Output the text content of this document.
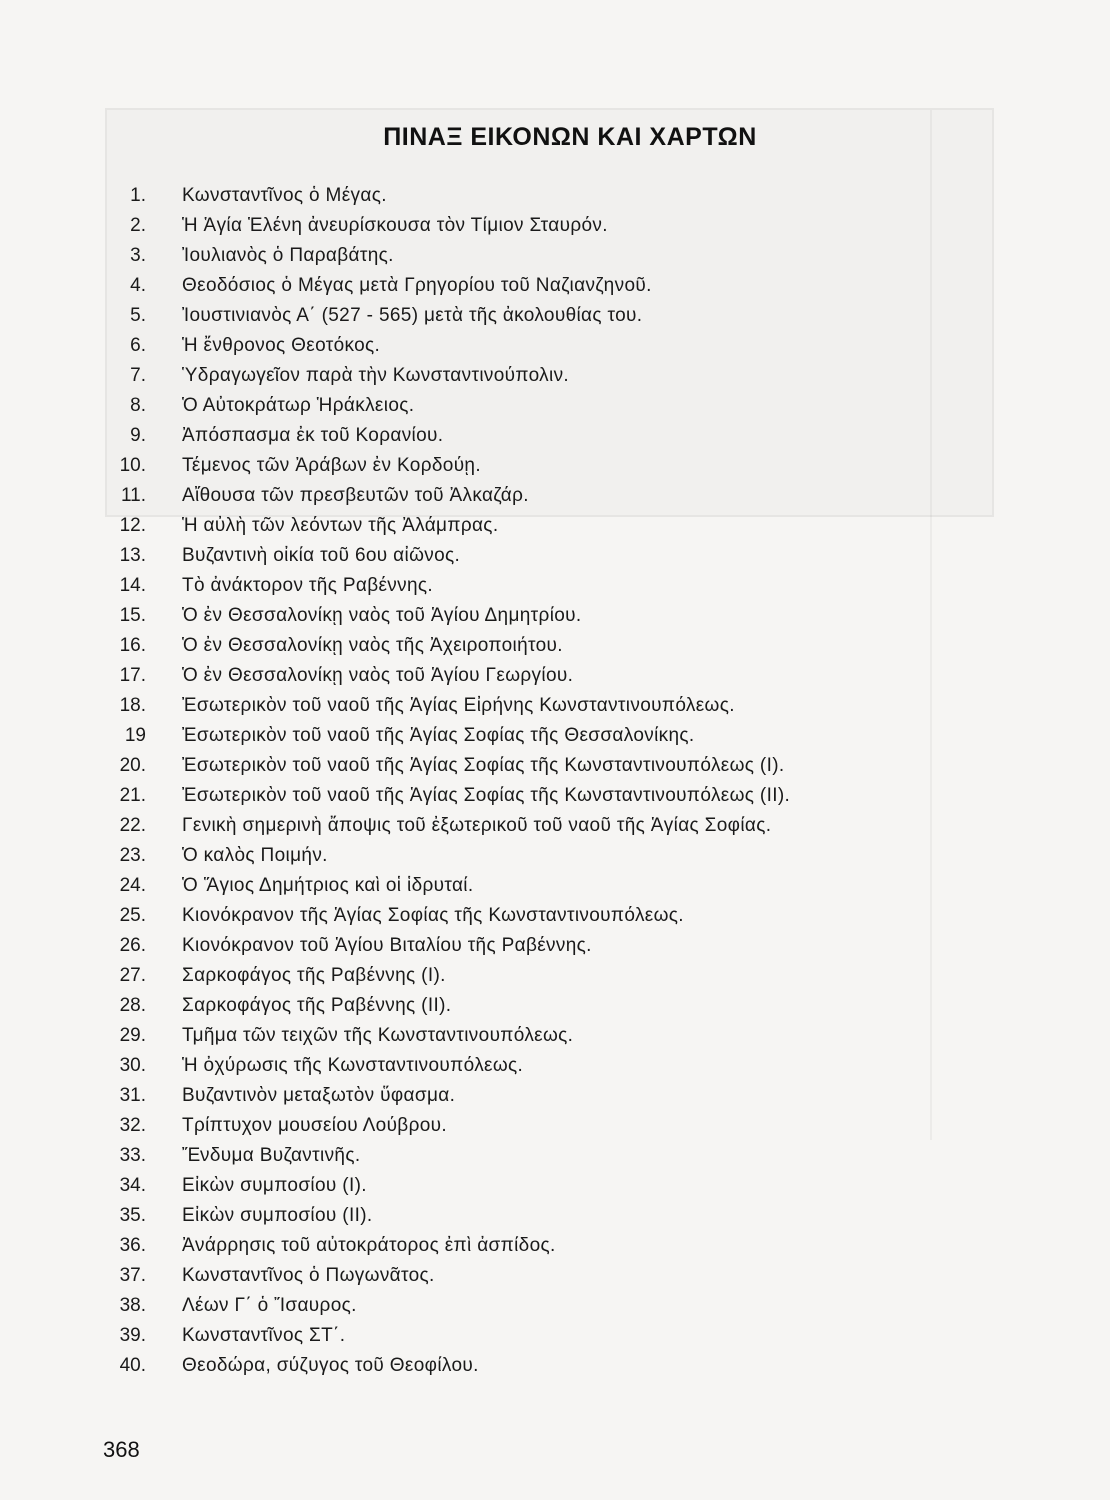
ΠΙΝΑΞ ΕΙΚΟΝΩΝ ΚΑΙ ΧΑΡΤΩΝ
1. Κωνσταντῖνος ὁ Μέγας.
2. Ἡ Ἁγία Ἑλένη ἀνευρίσκουσα τὸν Τίμιον Σταυρόν.
3. Ἰουλιανὸς ὁ Παραβάτης.
4. Θεοδόσιος ὁ Μέγας μετὰ Γρηγορίου τοῦ Ναζιανζηνοῦ.
5. Ἰουστινιανὸς Α΄ (527 - 565) μετὰ τῆς ἀκολουθίας του.
6. Ἡ ἔνθρονος Θεοτόκος.
7. Ὑδραγωγεῖον παρὰ τὴν Κωνσταντινούπολιν.
8. Ὁ Αὐτοκράτωρ Ἡράκλειος.
9. Ἀπόσπασμα ἐκ τοῦ Κορανίου.
10. Τέμενος τῶν Ἀράβων ἐν Κορδούῃ.
11. Αἴθουσα τῶν πρεσβευτῶν τοῦ Ἀλκαζάρ.
12. Ἡ αὐλὴ τῶν λεόντων τῆς Ἀλάμπρας.
13. Βυζαντινὴ οἰκία τοῦ 6ου αἰῶνος.
14. Τὸ ἀνάκτορον τῆς Ραβέννης.
15. Ὁ ἐν Θεσσαλονίκῃ ναὸς τοῦ Ἁγίου Δημητρίου.
16. Ὁ ἐν Θεσσαλονίκῃ ναὸς τῆς Ἀχειροποιήτου.
17. Ὁ ἐν Θεσσαλονίκῃ ναὸς τοῦ Ἁγίου Γεωργίου.
18. Ἐσωτερικὸν τοῦ ναοῦ τῆς Ἁγίας Εἰρήνης Κωνσταντινουπόλεως.
19 Ἐσωτερικὸν τοῦ ναοῦ τῆς Ἁγίας Σοφίας τῆς Θεσσαλονίκης.
20. Ἐσωτερικὸν τοῦ ναοῦ τῆς Ἁγίας Σοφίας τῆς Κωνσταντινουπόλεως (Ι).
21. Ἐσωτερικὸν τοῦ ναοῦ τῆς Ἁγίας Σοφίας τῆς Κωνσταντινουπόλεως (ΙΙ).
22. Γενικὴ σημερινὴ ἄποψις τοῦ ἐξωτερικοῦ τοῦ ναοῦ τῆς Ἁγίας Σοφίας.
23. Ὁ καλὸς Ποιμήν.
24. Ὁ Ἅγιος Δημήτριος καὶ οἱ ἱδρυταί.
25. Κιονόκρανον τῆς Ἁγίας Σοφίας τῆς Κωνσταντινουπόλεως.
26. Κιονόκρανον τοῦ Ἁγίου Βιταλίου τῆς Ραβέννης.
27. Σαρκοφάγος τῆς Ραβέννης (Ι).
28. Σαρκοφάγος τῆς Ραβέννης (ΙΙ).
29. Τμῆμα τῶν τειχῶν τῆς Κωνσταντινουπόλεως.
30. Ἡ ὀχύρωσις τῆς Κωνσταντινουπόλεως.
31. Βυζαντινὸν μεταξωτὸν ὕφασμα.
32. Τρίπτυχον μουσείου Λούβρου.
33. Ἔνδυμα Βυζαντινῆς.
34. Εἰκὼν συμποσίου (Ι).
35. Εἰκὼν συμποσίου (ΙΙ).
36. Ἀνάρρησις τοῦ αὐτοκράτορος ἐπὶ ἀσπίδος.
37. Κωνσταντῖνος ὁ Πωγωνᾶτος.
38. Λέων Γ΄ ὁ Ἴσαυρος.
39. Κωνσταντῖνος ΣΤ΄.
40. Θεοδώρα, σύζυγος τοῦ Θεοφίλου.
368
